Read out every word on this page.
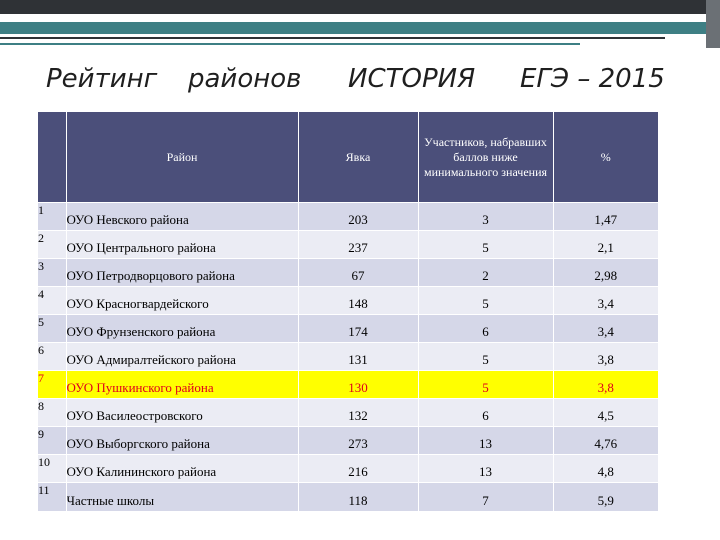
Рейтинг районов ИСТОРИЯ ЕГЭ – 2015
	Район	Явка	Участников, набравших баллов ниже минимального значения	%
1	ОУО Невского района	203	3	1,47
2	ОУО Центрального района	237	5	2,1
3	ОУО Петродворцового района	67	2	2,98
4	ОУО Красногвардейского	148	5	3,4
5	ОУО Фрунзенского района	174	6	3,4
6	ОУО Адмиралтейского района	131	5	3,8
7	ОУО Пушкинского района	130	5	3,8
8	ОУО Василеостровского	132	6	4,5
9	ОУО Выборгского района	273	13	4,76
10	ОУО Калининского района	216	13	4,8
11	Частные школы	118	7	5,9
